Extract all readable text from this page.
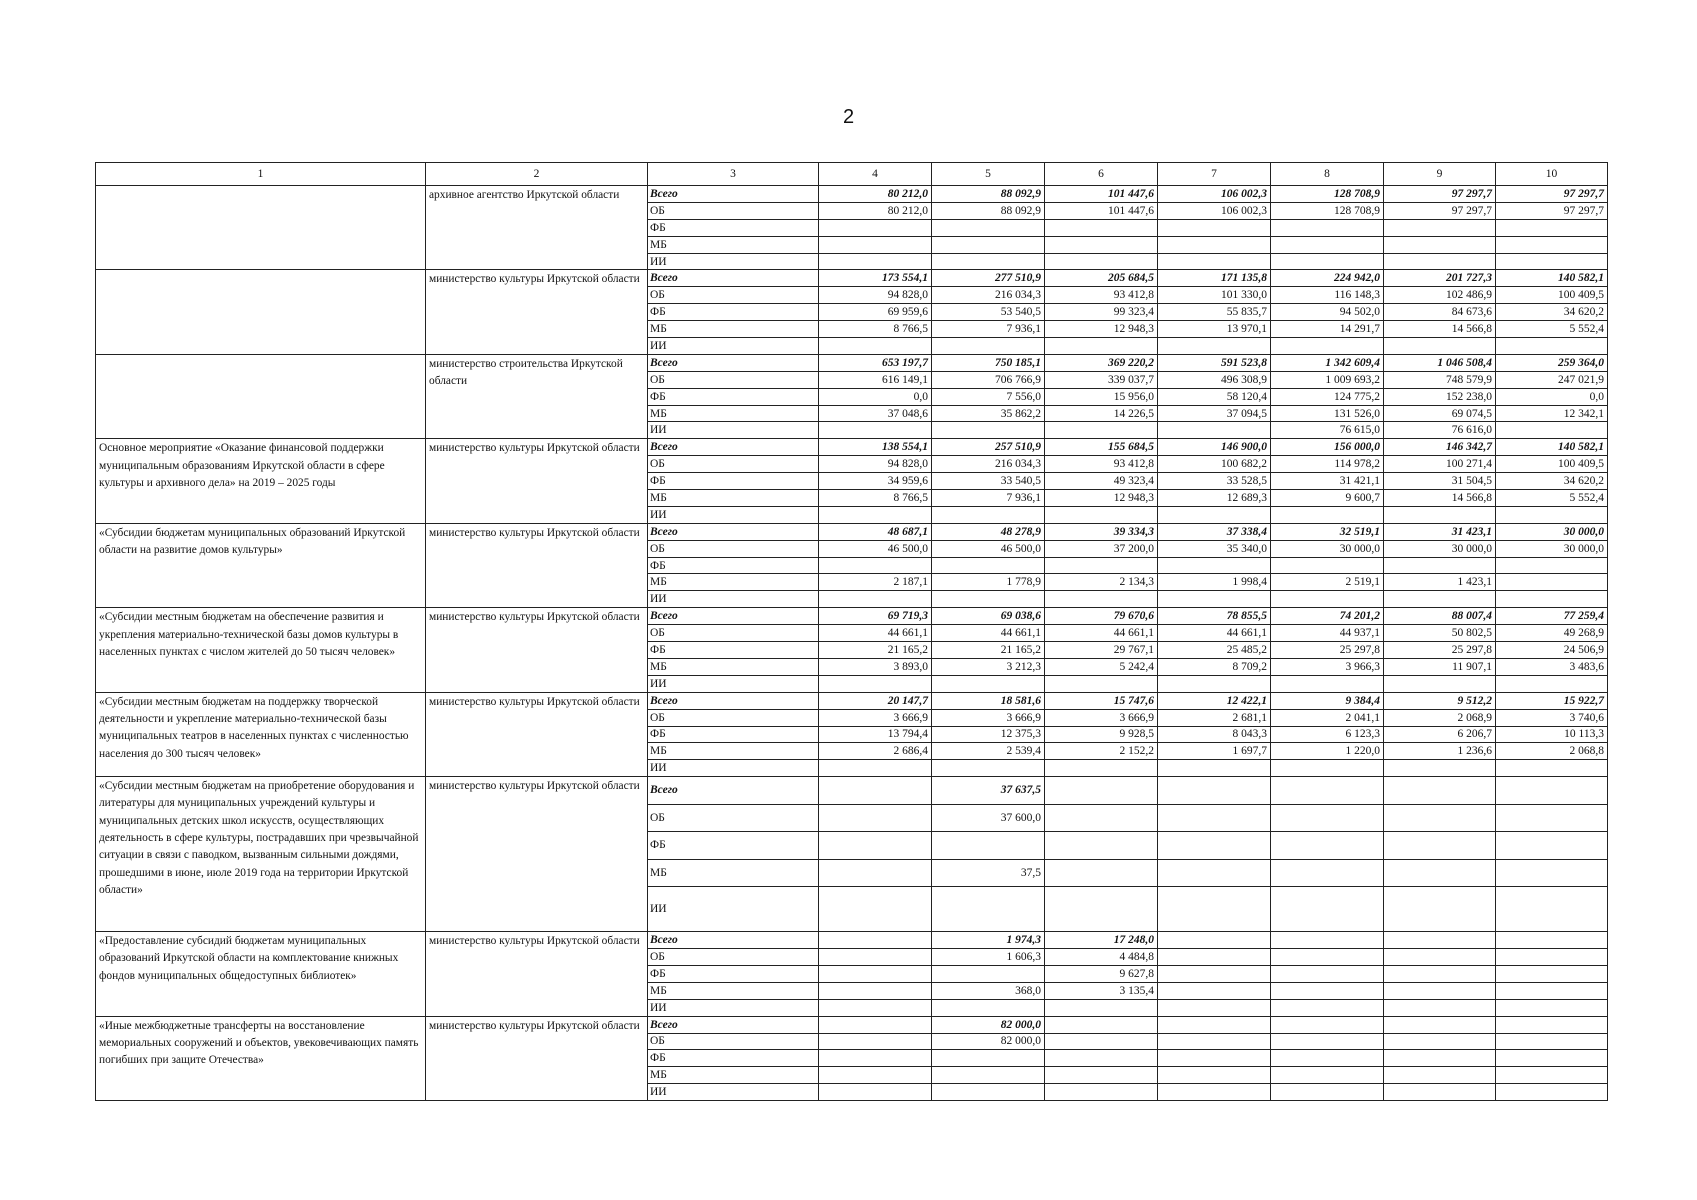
2
1	2	3	4	5	6	7	8	9	10
	архивное агентство Иркутской области	Всего	80 212,0	88 092,9	101 447,6	106 002,3	128 708,9	97 297,7	97 297,7
		ОБ	80 212,0	88 092,9	101 447,6	106 002,3	128 708,9	97 297,7	97 297,7
		ФБ							
		МБ							
		ИИ							
	министерство культуры Иркутской области	Всего	173 554,1	277 510,9	205 684,5	171 135,8	224 942,0	201 727,3	140 582,1
		ОБ	94 828,0	216 034,3	93 412,8	101 330,0	116 148,3	102 486,9	100 409,5
		ФБ	69 959,6	53 540,5	99 323,4	55 835,7	94 502,0	84 673,6	34 620,2
		МБ	8 766,5	7 936,1	12 948,3	13 970,1	14 291,7	14 566,8	5 552,4
		ИИ							
	министерство строительства Иркутской области	Всего	653 197,7	750 185,1	369 220,2	591 523,8	1 342 609,4	1 046 508,4	259 364,0
		ОБ	616 149,1	706 766,9	339 037,7	496 308,9	1 009 693,2	748 579,9	247 021,9
		ФБ	0,0	7 556,0	15 956,0	58 120,4	124 775,2	152 238,0	0,0
		МБ	37 048,6	35 862,2	14 226,5	37 094,5	131 526,0	69 074,5	12 342,1
		ИИ					76 615,0	76 616,0	
Основное мероприятие «Оказание финансовой поддержки муниципальным образованиям Иркутской области в сфере культуры и архивного дела» на 2019 – 2025 годы	министерство культуры Иркутской области	Всего	138 554,1	257 510,9	155 684,5	146 900,0	156 000,0	146 342,7	140 582,1
		ОБ	94 828,0	216 034,3	93 412,8	100 682,2	114 978,2	100 271,4	100 409,5
		ФБ	34 959,6	33 540,5	49 323,4	33 528,5	31 421,1	31 504,5	34 620,2
		МБ	8 766,5	7 936,1	12 948,3	12 689,3	9 600,7	14 566,8	5 552,4
		ИИ							
«Субсидии бюджетам муниципальных образований Иркутской области на развитие домов культуры»	министерство культуры Иркутской области	Всего	48 687,1	48 278,9	39 334,3	37 338,4	32 519,1	31 423,1	30 000,0
		ОБ	46 500,0	46 500,0	37 200,0	35 340,0	30 000,0	30 000,0	30 000,0
		ФБ							
		МБ	2 187,1	1 778,9	2 134,3	1 998,4	2 519,1	1 423,1	
		ИИ							
«Субсидии местным бюджетам на обеспечение развития и укрепления материально-технической базы домов культуры в населенных пунктах с числом жителей до 50 тысяч человек»	министерство культуры Иркутской области	Всего	69 719,3	69 038,6	79 670,6	78 855,5	74 201,2	88 007,4	77 259,4
		ОБ	44 661,1	44 661,1	44 661,1	44 661,1	44 937,1	50 802,5	49 268,9
		ФБ	21 165,2	21 165,2	29 767,1	25 485,2	25 297,8	25 297,8	24 506,9
		МБ	3 893,0	3 212,3	5 242,4	8 709,2	3 966,3	11 907,1	3 483,6
		ИИ							
«Субсидии местным бюджетам на поддержку творческой деятельности и укрепление материально-технической базы муниципальных театров в населенных пунктах с численностью населения до 300 тысяч человек»	министерство культуры Иркутской области	Всего	20 147,7	18 581,6	15 747,6	12 422,1	9 384,4	9 512,2	15 922,7
		ОБ	3 666,9	3 666,9	3 666,9	2 681,1	2 041,1	2 068,9	3 740,6
		ФБ	13 794,4	12 375,3	9 928,5	8 043,3	6 123,3	6 206,7	10 113,3
		МБ	2 686,4	2 539,4	2 152,2	1 697,7	1 220,0	1 236,6	2 068,8
		ИИ							
«Субсидии местным бюджетам на приобретение оборудования и литературы для муниципальных учреждений культуры и муниципальных детских школ искусств, осуществляющих деятельность в сфере культуры, пострадавших при чрезвычайной ситуации в связи с паводком, вызванным сильными дождями, прошедшими в июне, июле 2019 года на территории Иркутской области»	министерство культуры Иркутской области	Всего		37 637,5					
		ОБ		37 600,0					
		ФБ							
		МБ		37,5					
		ИИ							
«Предоставление субсидий бюджетам муниципальных образований Иркутской области на комплектование книжных фондов муниципальных общедоступных библиотек»	министерство культуры Иркутской области	Всего		1 974,3	17 248,0				
		ОБ		1 606,3	4 484,8				
		ФБ			9 627,8				
		МБ		368,0	3 135,4				
		ИИ							
«Иные межбюджетные трансферты на восстановление мемориальных сооружений и объектов, увековечивающих память погибших при защите Отечества»	министерство культуры Иркутской области	Всего		82 000,0					
		ОБ		82 000,0					
		ФБ							
		МБ							
		ИИ							
